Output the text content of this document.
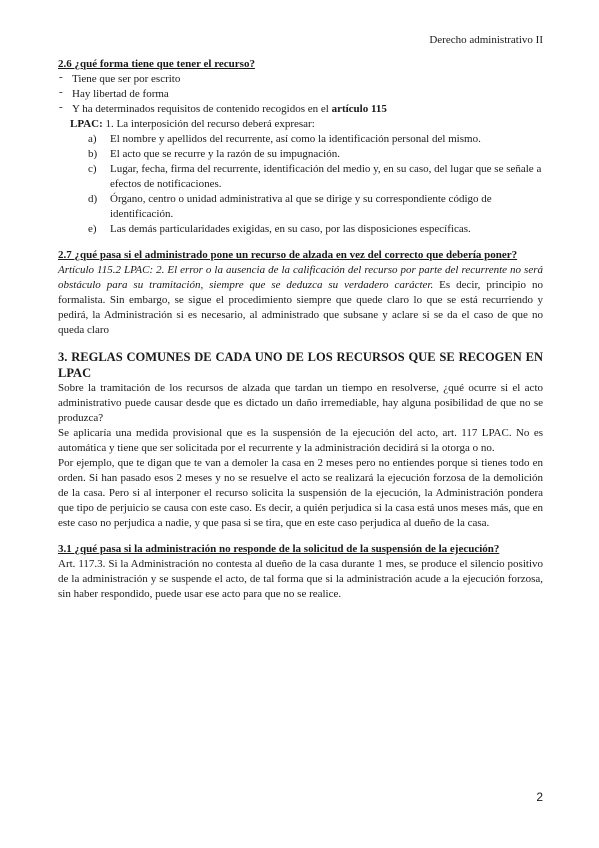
Derecho administrativo II

2.6 ¿qué forma tiene que tener el recurso?

- Tiene que ser por escrito
- Hay libertad de forma
- Y ha determinados requisitos de contenido recogidos en el artículo 115

LPAC: 1. La interposición del recurso deberá expresar:

a) El nombre y apellidos del recurrente, así como la identificación personal del mismo.
b) El acto que se recurre y la razón de su impugnación.
c) Lugar, fecha, firma del recurrente, identificación del medio y, en su caso, del lugar que se señale a efectos de notificaciones.
d) Órgano, centro o unidad administrativa al que se dirige y su correspondiente código de identificación.
e) Las demás particularidades exigidas, en su caso, por las disposiciones específicas.

2.7 ¿qué pasa si el administrado pone un recurso de alzada en vez del correcto que debería poner?

Artículo 115.2 LPAC: 2. El error o la ausencia de la calificación del recurso por parte del recurrente no será obstáculo para su tramitación, siempre que se deduzca su verdadero carácter. Es decir, principio no formalista. Sin embargo, se sigue el procedimiento siempre que quede claro lo que se está recurriendo y pedirá, la Administración si es necesario, al administrado que subsane y aclare si se da el caso de que no queda claro

3. REGLAS COMUNES DE CADA UNO DE LOS RECURSOS QUE SE RECOGEN EN LPAC

Sobre la tramitación de los recursos de alzada que tardan un tiempo en resolverse, ¿qué ocurre si el acto administrativo puede causar desde que es dictado un daño irremediable, hay alguna posibilidad de que no se produzca?

Se aplicaría una medida provisional que es la suspensión de la ejecución del acto, art. 117 LPAC. No es automática y tiene que ser solicitada por el recurrente y la administración decidirá si la otorga o no.

Por ejemplo, que te digan que te van a demoler la casa en 2 meses pero no entiendes porque si tienes todo en orden. Si han pasado esos 2 meses y no se resuelve el acto se realizará la ejecución forzosa de la demolición de la casa. Pero si al interponer el recurso solicita la suspensión de la ejecución, la Administración pondera que tipo de perjuicio se causa con este caso. Es decir, a quién perjudica si la casa está unos meses más, que en este caso no perjudica a nadie, y que pasa si se tira, que en este caso perjudica al dueño de la casa.

3.1 ¿qué pasa si la administración no responde de la solicitud de la suspensión de la ejecución?

Art. 117.3. Si la Administración no contesta al dueño de la casa durante 1 mes, se produce el silencio positivo de la administración y se suspende el acto, de tal forma que si la administración acude a la ejecución forzosa, sin haber respondido, puede usar ese acto para que no se realice.

2
